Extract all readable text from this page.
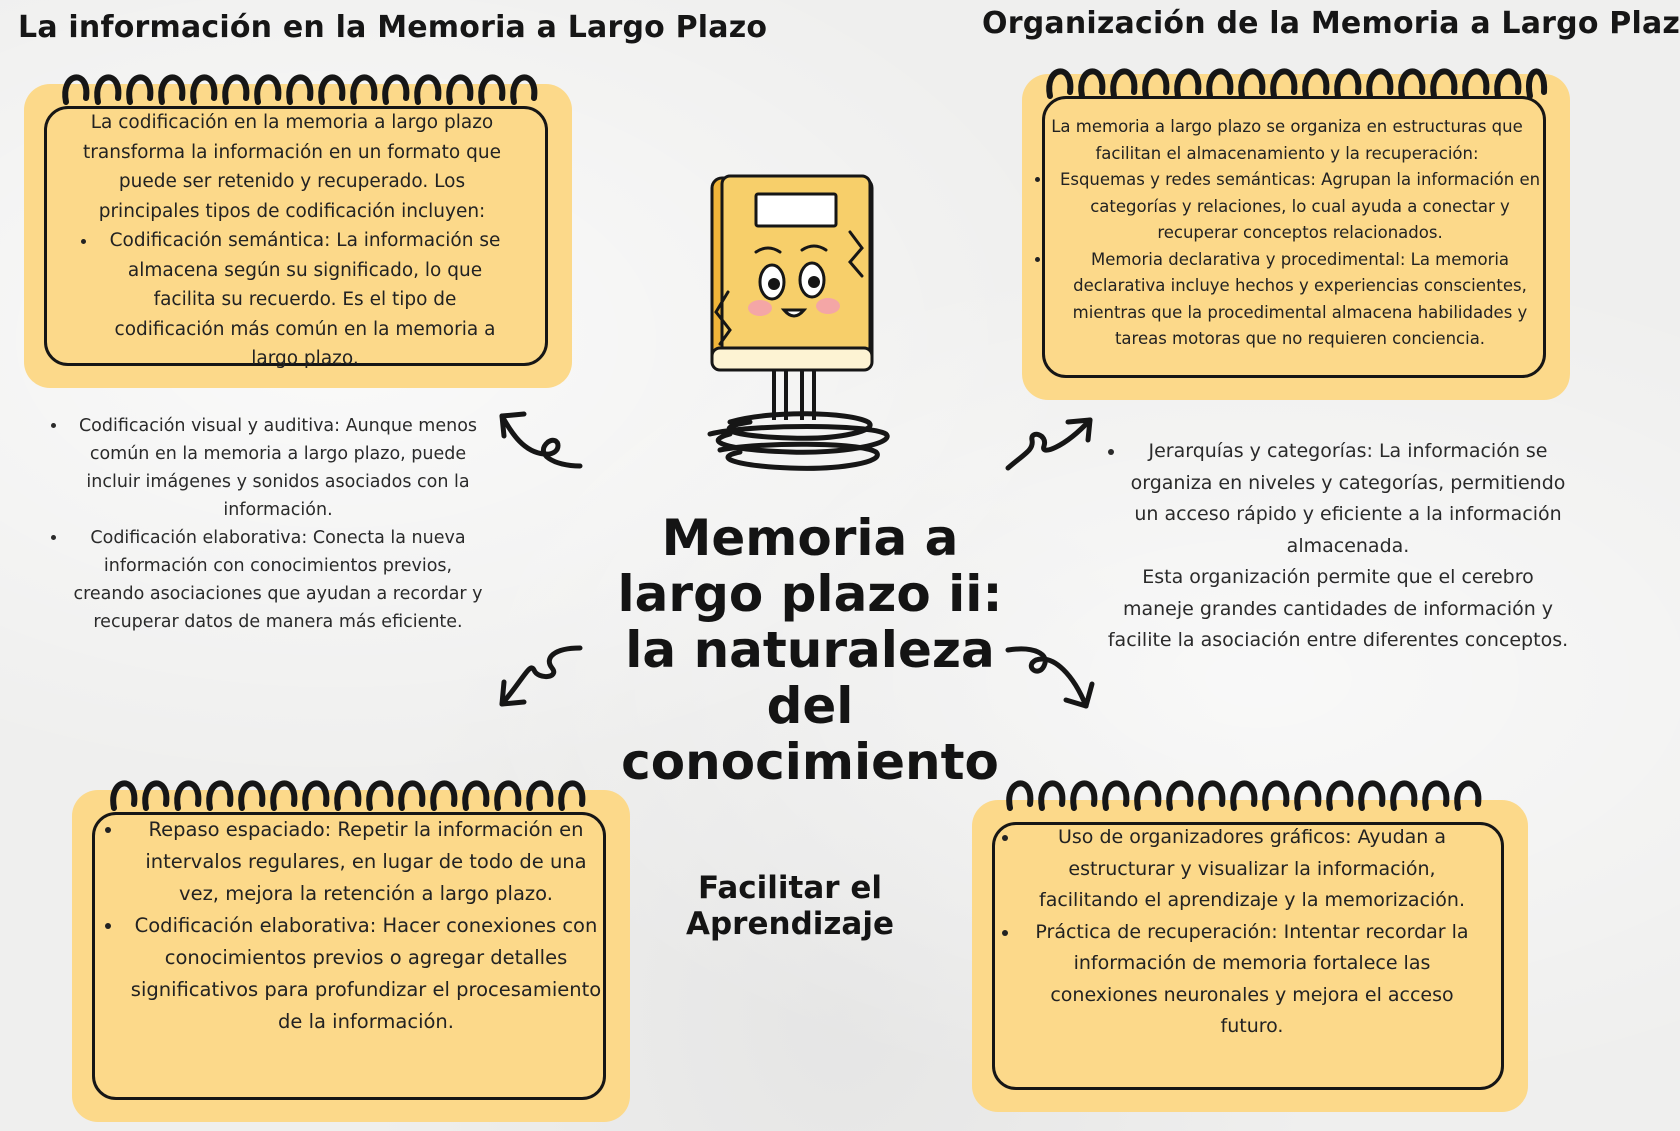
La información en la Memoria a Largo Plazo	Organización de la Memoria a Largo Plaz

La codificación en la memoria a largo plazo transforma la información en un formato que puede ser retenido y recuperado. Los principales tipos de codificación incluyen:

• Codificación semántica: La información se almacena según su significado, lo que facilita su recuerdo. Es el tipo de codificación más común en la memoria a largo plazo.
• Codificación visual y auditiva: Aunque menos común en la memoria a largo plazo, puede incluir imágenes y sonidos asociados con la información.
• Codificación elaborativa: Conecta la nueva información con conocimientos previos, creando asociaciones que ayudan a recordar y recuperar datos de manera más eficiente.

La memoria a largo plazo se organiza en estructuras que facilitan el almacenamiento y la recuperación:

• Esquemas y redes semánticas: Agrupan la información en categorías y relaciones, lo cual ayuda a conectar y recuperar conceptos relacionados.
• Memoria declarativa y procedimental: La memoria declarativa incluye hechos y experiencias conscientes, mientras que la procedimental almacena habilidades y tareas motoras que no requieren conciencia.
• Jerarquías y categorías: La información se organiza en niveles y categorías, permitiendo un acceso rápido y eficiente a la información almacenada.

Esta organización permite que el cerebro maneje grandes cantidades de información y facilite la asociación entre diferentes conceptos.

Memoria a largo plazo ii: la naturaleza del conocimiento
Facilitar el Aprendizaje
• Repaso espaciado: Repetir la información en intervalos regulares, en lugar de todo de una vez, mejora la retención a largo plazo.
• Codificación elaborativa: Hacer conexiones con conocimientos previos o agregar detalles significativos para profundizar el procesamiento de la información.
• Uso de organizadores gráficos: Ayudan a estructurar y visualizar la información, facilitando el aprendizaje y la memorización.
• Práctica de recuperación: Intentar recordar la información de memoria fortalece las conexiones neuronales y mejora el acceso futuro.
